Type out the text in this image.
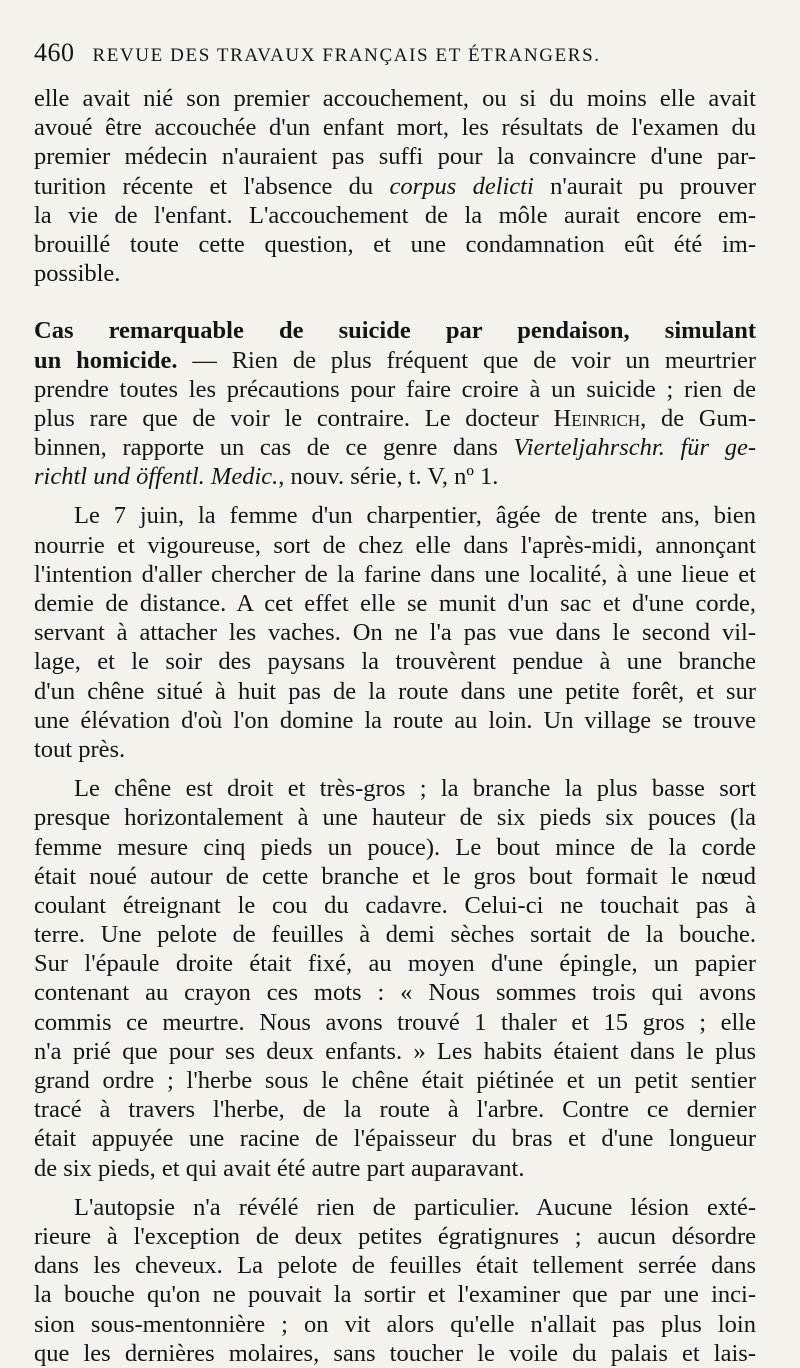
460 REVUE DES TRAVAUX FRANÇAIS ET ÉTRANGERS.
elle avait nié son premier accouchement, ou si du moins elle avait
avoué être accouchée d'un enfant mort, les résultats de l'examen du
premier médecin n'auraient pas suffi pour la convaincre d'une par-
turition récente et l'absence du corpus delicti n'aurait pu prouver
la vie de l'enfant. L'accouchement de la môle aurait encore em-
brouillé toute cette question, et une condamnation eût été im-
possible.
Cas remarquable de suicide par pendaison, simulant
un homicide. — Rien de plus fréquent que de voir un meurtrier
prendre toutes les précautions pour faire croire à un suicide ; rien de
plus rare que de voir le contraire. Le docteur Heinrich, de Gum-
binnen, rapporte un cas de ce genre dans Vierteljahrschr. für ge-
richtl und öffentl. Medic., nouv. série, t. V, nº 1.
Le 7 juin, la femme d'un charpentier, âgée de trente ans, bien
nourrie et vigoureuse, sort de chez elle dans l'après-midi, annonçant
l'intention d'aller chercher de la farine dans une localité, à une lieue et
demie de distance. A cet effet elle se munit d'un sac et d'une corde,
servant à attacher les vaches. On ne l'a pas vue dans le second vil-
lage, et le soir des paysans la trouvèrent pendue à une branche
d'un chêne situé à huit pas de la route dans une petite forêt, et sur
une élévation d'où l'on domine la route au loin. Un village se trouve
tout près.
Le chêne est droit et très-gros ; la branche la plus basse sort
presque horizontalement à une hauteur de six pieds six pouces (la
femme mesure cinq pieds un pouce). Le bout mince de la corde
était noué autour de cette branche et le gros bout formait le nœud
coulant étreignant le cou du cadavre. Celui-ci ne touchait pas à
terre. Une pelote de feuilles à demi sèches sortait de la bouche.
Sur l'épaule droite était fixé, au moyen d'une épingle, un papier
contenant au crayon ces mots : « Nous sommes trois qui avons
commis ce meurtre. Nous avons trouvé 1 thaler et 15 gros ; elle
n'a prié que pour ses deux enfants. » Les habits étaient dans le plus
grand ordre ; l'herbe sous le chêne était piétinée et un petit sentier
tracé à travers l'herbe, de la route à l'arbre. Contre ce dernier
était appuyée une racine de l'épaisseur du bras et d'une longueur
de six pieds, et qui avait été autre part auparavant.
L'autopsie n'a révélé rien de particulier. Aucune lésion exté-
rieure à l'exception de deux petites égratignures ; aucun désordre
dans les cheveux. La pelote de feuilles était tellement serrée dans
la bouche qu'on ne pouvait la sortir et l'examiner que par une inci-
sion sous-mentonnière ; on vit alors qu'elle n'allait pas plus loin
que les dernières molaires, sans toucher le voile du palais et lais-
